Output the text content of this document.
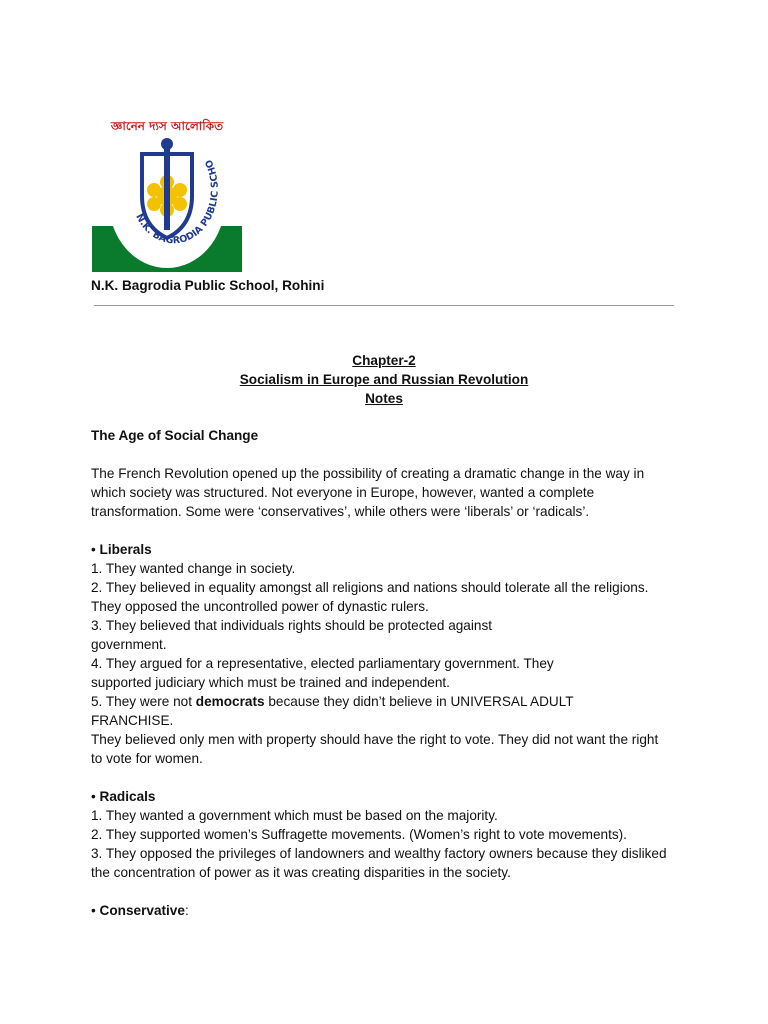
জ্ঞানেন দ্যস আলোকিত
N.K. BAGRODIA PUBLIC SCHO
N.K. Bagrodia Public School, Rohini
Chapter-2
Socialism in Europe and Russian Revolution
Notes

The Age of Social Change

The French Revolution opened up the possibility of creating a dramatic change in the way in

which society was structured. Not everyone in Europe, however, wanted a complete

transformation. Some were ‘conservatives’, while others were ‘liberals’ or ‘radicals’.

• Liberals

1. They wanted change in society.

2. They believed in equality amongst all religions and nations should tolerate all the religions.

They opposed the uncontrolled power of dynastic rulers.

3. They believed that individuals rights should be protected against

government.

4. They argued for a representative, elected parliamentary government. They

supported judiciary which must be trained and independent.

5. They were not democrats because they didn’t believe in UNIVERSAL ADULT

FRANCHISE.

They believed only men with property should have the right to vote. They did not want the right

to vote for women.

• Radicals

1. They wanted a government which must be based on the majority.

2. They supported women’s Suffragette movements. (Women’s right to vote movements).

3. They opposed the privileges of landowners and wealthy factory owners because they disliked

the concentration of power as it was creating disparities in the society.

• Conservative:
